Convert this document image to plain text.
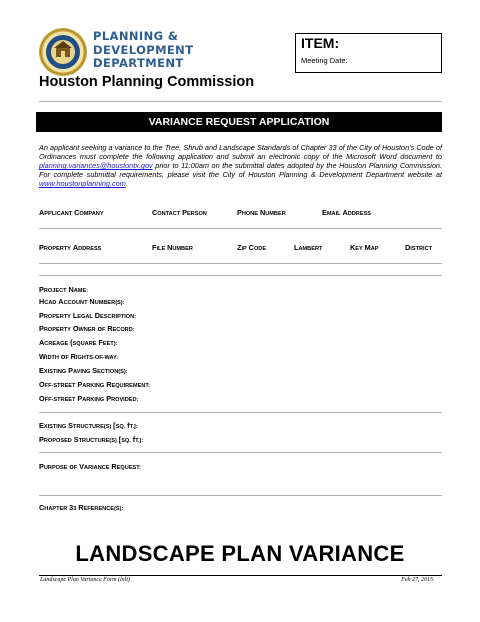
PLANNING &
DEVELOPMENT
DEPARTMENT
Houston Planning Commission
ITEM:
Meeting Date:
VARIANCE REQUEST APPLICATION
An applicant seeking a variance to the Tree, Shrub and Landscape Standards of Chapter 33 of the City of Houston’s Code of Ordinances must complete the following application and submit an electronic copy of the Microsoft Word document to planning.variances@houstontx.gov prior to 11:00am on the submittal dates adopted by the Houston Planning Commission. For complete submittal requirements, please visit the City of Houston Planning & Development Department website at www.houstonplanning.com.
APPLICANT COMPANY	CONTACT PERSON	PHONE NUMBER	EMAIL ADDRESS
PROPERTY ADDRESS	FILE NUMBER	ZIP CODE	LAMBERT	KEY MAP	DISTRICT
PROJECT NAME:
HCAD ACCOUNT NUMBER(S):
PROPERTY LEGAL DESCRIPTION:
PROPERTY OWNER oF RECORD:
ACREAGE (SQUARE FEET):
WIDTH oF RIGHTS-OF-WAY:
EXISTING PAVING SECTION(S):
OFF-STREET PARKING REQUIREMENT:
OFF-STREET PARKING PROVIDED:
EXISTING STRUCTURE(S) [SQ. fT.]:
PROPOSED STRUCTURE(S) [SQ. fT.]:
PURPOSE oF VARIANCE REQUEST:
CHAPTER 33 REFERENCE(S):
LANDSCAPE PLAN VARIANCE
Landscape Plan Variance Form (lnlt)	Feb 27, 2015
